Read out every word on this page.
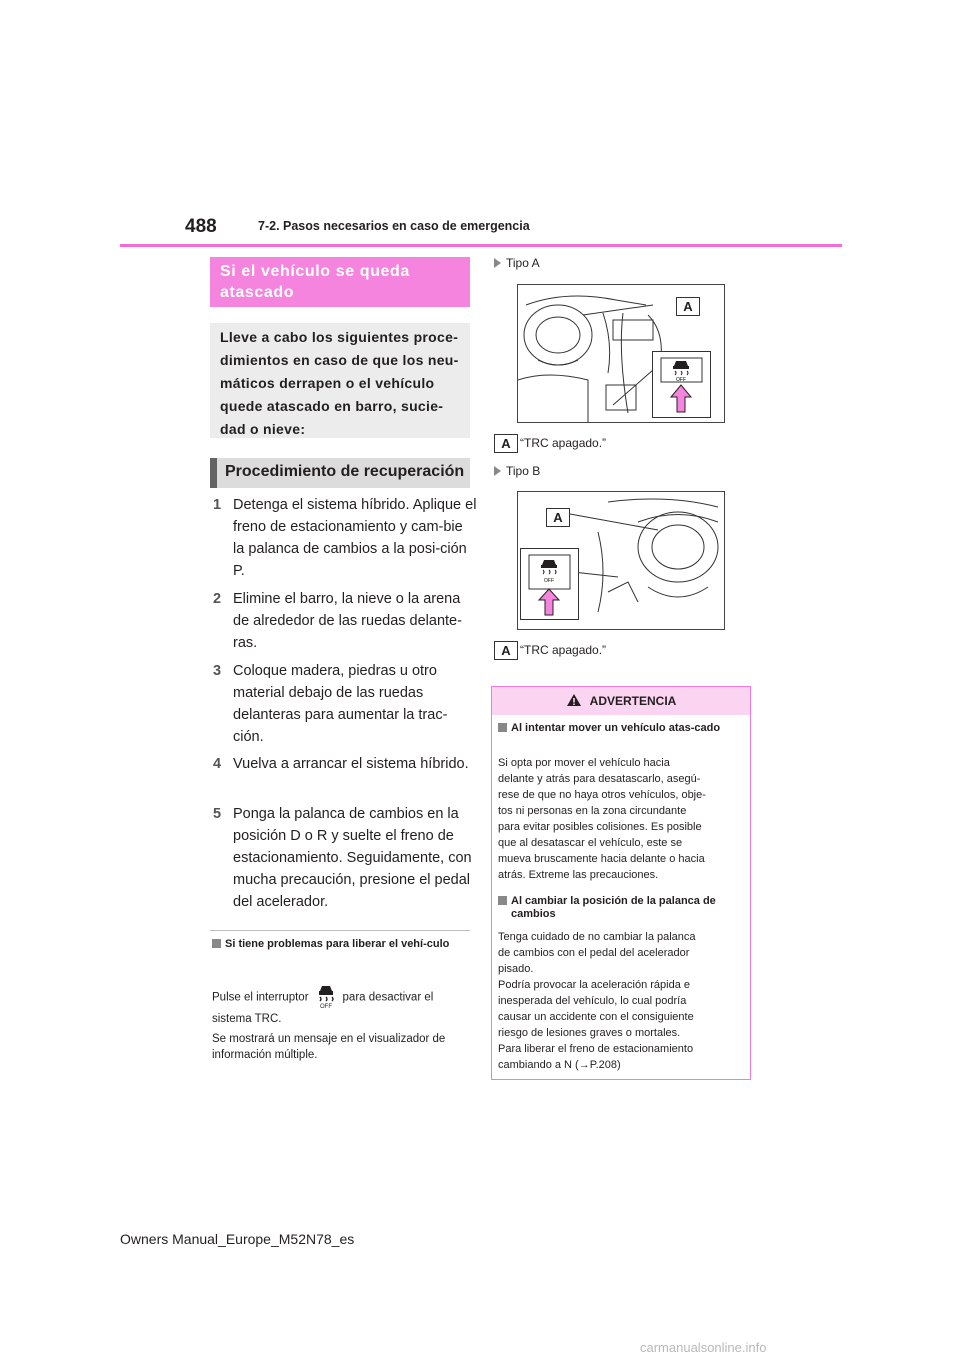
488	7-2. Pasos necesarios en caso de emergencia
Si el vehículo se queda atascado
Lleve a cabo los siguientes proce-dimientos en caso de que los neu-máticos derrapen o el vehículo quede atascado en barro, sucie-dad o nieve:
Procedimiento de recuperación
1 Detenga el sistema híbrido. Aplique el freno de estacionamiento y cam-bie la palanca de cambios a la posi-ción P.
2 Elimine el barro, la nieve o la arena de alrededor de las ruedas delante-ras.
3 Coloque madera, piedras u otro material debajo de las ruedas delanteras para aumentar la trac-ción.
4 Vuelva a arrancar el sistema híbrido.
5 Ponga la palanca de cambios en la posición D o R y suelte el freno de estacionamiento. Seguidamente, con mucha precaución, presione el pedal del acelerador.
Si tiene problemas para liberar el vehí-culo
Pulse el interruptor
OFF
para desactivar el
sistema TRC.
Se mostrará un mensaje en el visualizador de información múltiple.
Tipo A
A
OFF
A “TRC apagado.”
Tipo B
A
OFF
A “TRC apagado.”
ADVERTENCIA
Al intentar mover un vehículo atas-cado
Si opta por mover el vehículo hacia
delante y atrás para desatascarlo, asegú-
rese de que no haya otros vehículos, obje-
tos ni personas en la zona circundante
para evitar posibles colisiones. Es posible
que al desatascar el vehículo, este se
mueva bruscamente hacia delante o hacia
atrás. Extreme las precauciones.
Al cambiar la posición de la palanca de cambios
Tenga cuidado de no cambiar la palanca
de cambios con el pedal del acelerador
pisado.
Podría provocar la aceleración rápida e
inesperada del vehículo, lo cual podría
causar un accidente con el consiguiente
riesgo de lesiones graves o mortales.
Para liberar el freno de estacionamiento
cambiando a N (→P.208)
Owners Manual_Europe_M52N78_es
carmanualsonline.info
